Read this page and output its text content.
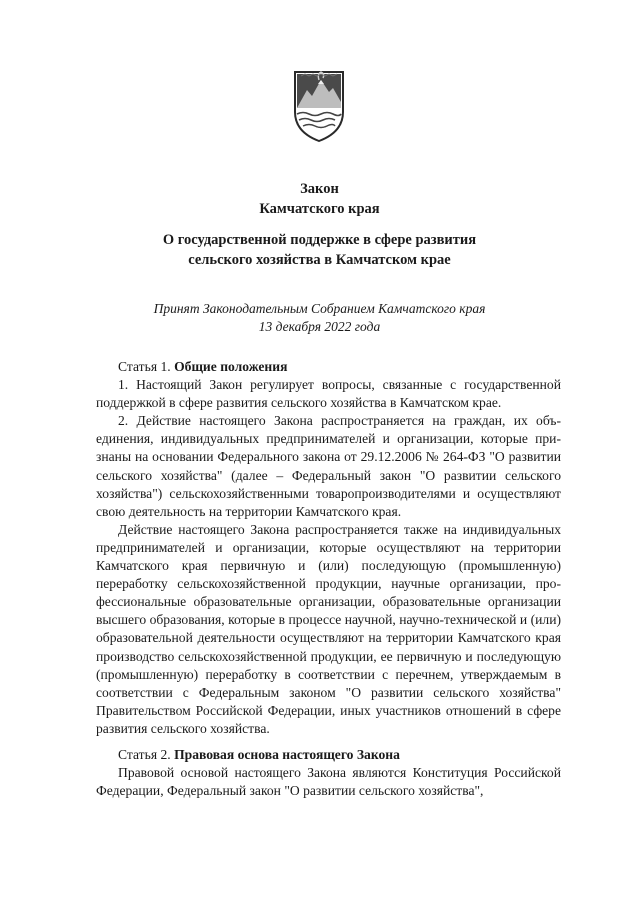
Закон
Камчатского края
О государственной поддержке в сфере развития
сельского хозяйства в Камчатском крае
Принят Законодательным Собранием Камчатского края
13 декабря 2022 года

Статья 1. Общие положения

1. Настоящий Закон регулирует вопросы, связанные с государственной поддержкой в сфере развития сельского хозяйства в Камчатском крае.

2. Действие настоящего Закона распространяется на граждан, их объединения, индивидуальных предпринимателей и организации, которые признаны на основании Федерального закона от 29.12.2006 № 264-ФЗ "О развитии сельского хозяйства" (далее – Федеральный закон "О развитии сельского хозяйства") сельскохозяйственными товаропроизводителями и осуществляют свою деятельность на территории Камчатского края.

Действие настоящего Закона распространяется также на индивидуальных предпринимателей и организации, которые осуществляют на территории Камчатского края первичную и (или) последующую (промышленную) переработку сельскохозяйственной продукции, научные организации, профессиональные образовательные организации, образовательные организации высшего образования, которые в процессе научной, научно-технической и (или) образовательной деятельности осуществляют на территории Камчатского края производство сельскохозяйственной продукции, ее первичную и последующую (промышленную) переработку в соответствии с перечнем, утверждаемым в соответствии с Федеральным законом "О развитии сельского хозяйства" Правительством Российской Федерации, иных участников отношений в сфере развития сельского хозяйства.

Статья 2. Правовая основа настоящего Закона

Правовой основой настоящего Закона являются Конституция Российской Федерации, Федеральный закон "О развитии сельского хозяйства",
